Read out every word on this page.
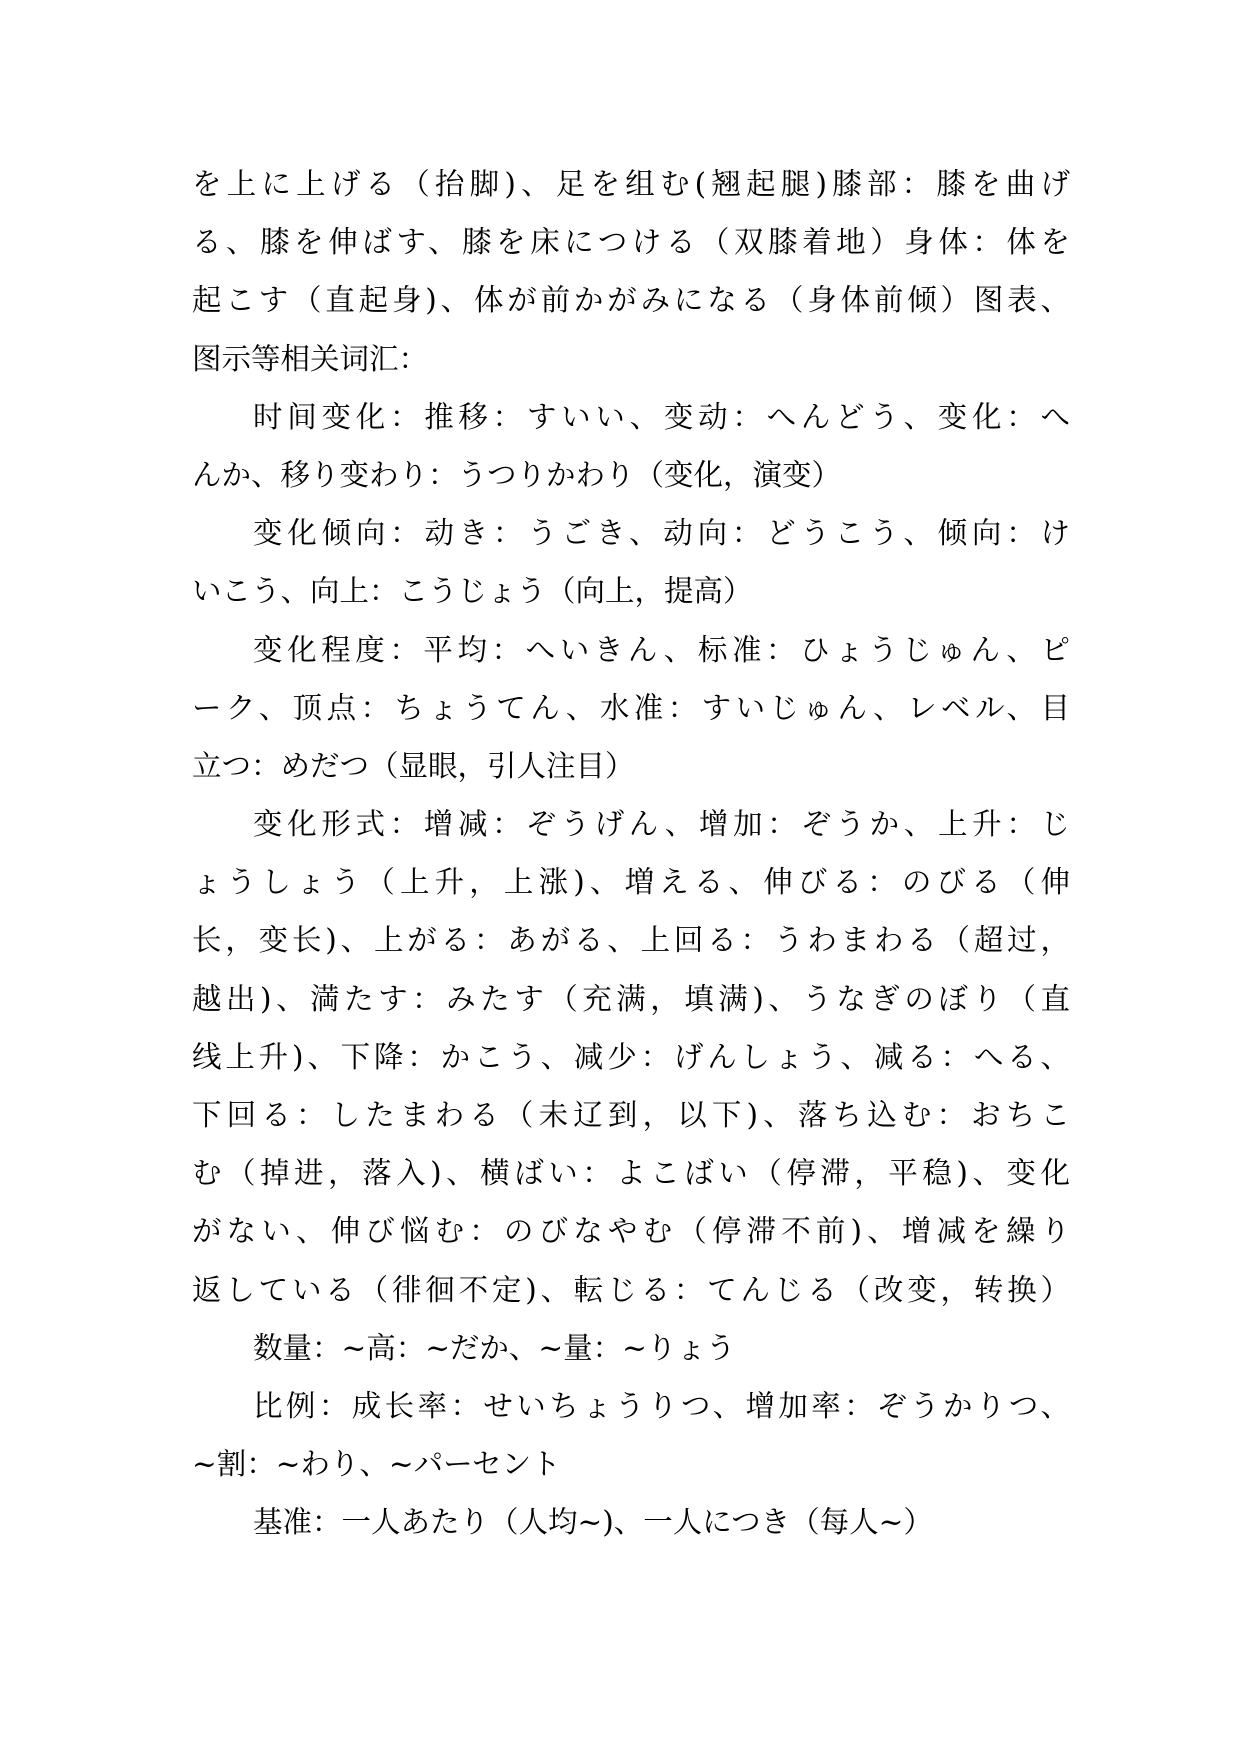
を上に上げる（抬脚)、足を组む(翘起腿)膝部：膝を曲げ
る、膝を伸ばす、膝を床につける（双膝着地）身体：体を
起こす（直起身)、体が前かがみになる（身体前倾）图表、
图示等相关词汇：
时间变化：推移：すいい、变动：へんどう、变化：へ
んか、移り变わり：うつりかわり（变化，演变）
变化倾向：动き：うごき、动向：どうこう、倾向：け
いこう、向上：こうじょう（向上，提高）
变化程度：平均：へいきん、标准：ひょうじゅん、ピ
ーク、顶点：ちょうてん、水准：すいじゅん、レベル、目
立つ：めだつ（显眼，引人注目）
变化形式：增减：ぞうげん、增加：ぞうか、上升：じ
ょうしょう（上升，上涨)、増える、伸びる：のびる（伸
长，变长)、上がる：あがる、上回る：うわまわる（超过，
越出)、満たす：みたす（充满，填满)、うなぎのぼり（直
线上升)、下降：かこう、减少：げんしょう、减る：へる、
下回る：したまわる（未辽到，以下)、落ち込む：おちこ
む（掉进，落入)、横ばい：よこばい（停滞，平稳)、变化
がない、伸び悩む：のびなやむ（停滞不前)、增减を繰り
返している（徘徊不定)、転じる：てんじる（改变，转换）
数量：~高：~だか、~量：~りょう
比例：成长率：せいちょうりつ、增加率：ぞうかりつ、
~割：~わり、~パーセント
基准：一人あたり（人均~)、一人につき（每人~）
